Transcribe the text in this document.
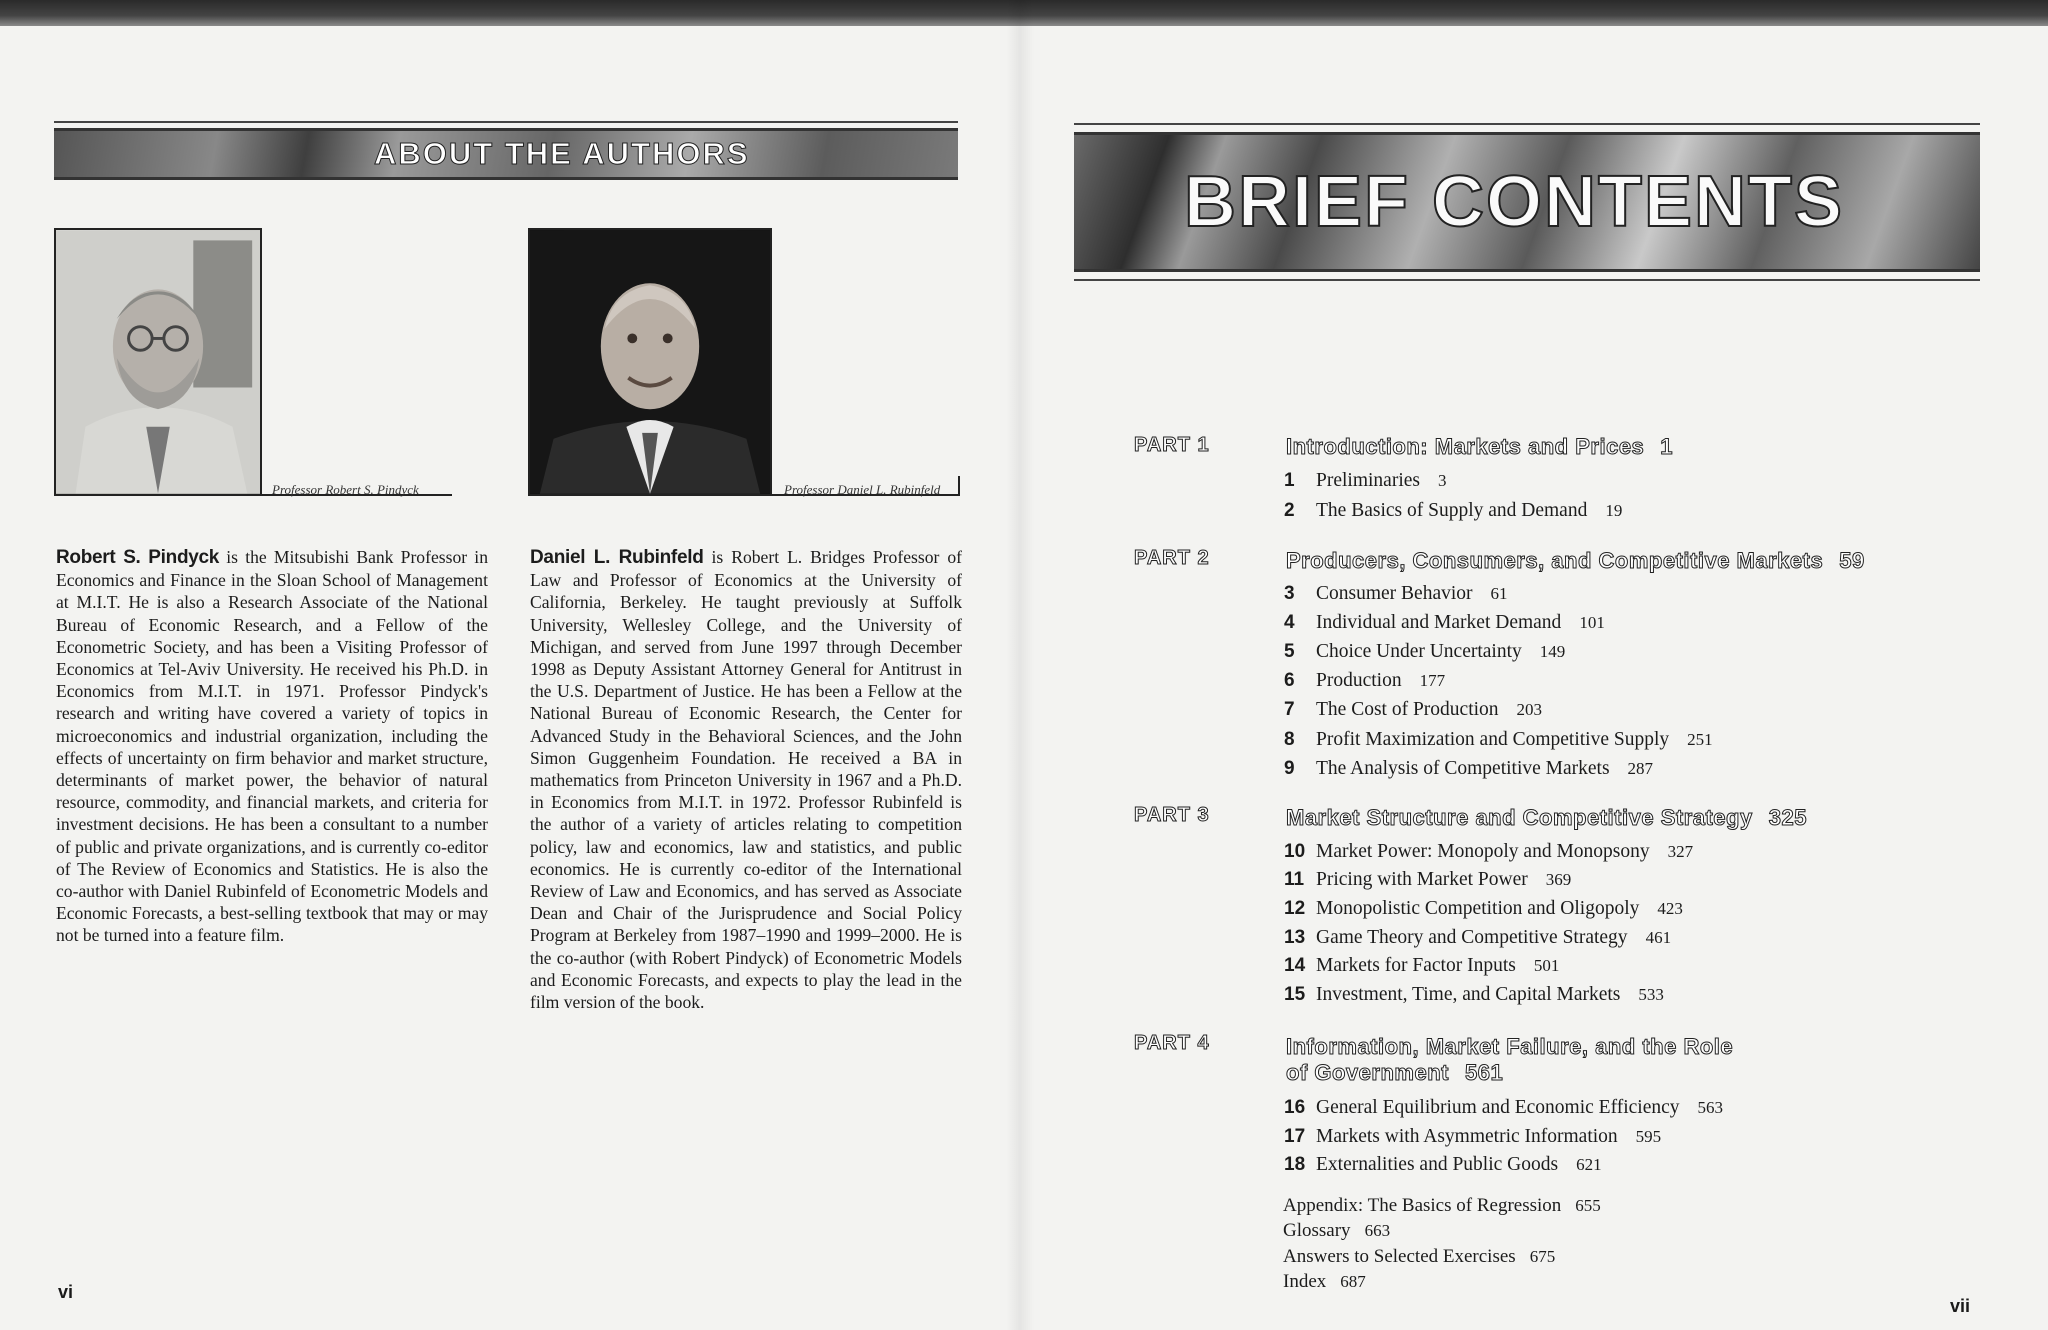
ABOUT THE AUTHORS
Professor Robert S. Pindyck	Professor Daniel L. Rubinfeld
Robert S. Pindyck is the Mitsubishi Bank Professor in Economics and Finance in the Sloan School of Management at M.I.T. He is also a Research Associate of the National Bureau of Economic Research, and a Fellow of the Econometric Society, and has been a Visiting Professor of Economics at Tel-Aviv University. He received his Ph.D. in Economics from M.I.T. in 1971. Professor Pindyck's research and writing have covered a variety of topics in microeconomics and industrial organization, including the effects of uncertainty on firm behavior and market structure, determinants of market power, the behavior of natural resource, commodity, and financial markets, and criteria for investment decisions. He has been a consultant to a number of public and private organizations, and is currently co-editor of The Review of Economics and Statistics. He is also the co-author with Daniel Rubinfeld of Econometric Models and Economic Forecasts, a best-selling textbook that may or may not be turned into a feature film.
Daniel L. Rubinfeld is Robert L. Bridges Professor of Law and Professor of Economics at the University of California, Berkeley. He taught previously at Suffolk University, Wellesley College, and the University of Michigan, and served from June 1997 through December 1998 as Deputy Assistant Attorney General for Antitrust in the U.S. Department of Justice. He has been a Fellow at the National Bureau of Economic Research, the Center for Advanced Study in the Behavioral Sciences, and the John Simon Guggenheim Foundation. He received a BA in mathematics from Princeton University in 1967 and a Ph.D. in Economics from M.I.T. in 1972. Professor Rubinfeld is the author of a variety of articles relating to competition policy, law and economics, law and statistics, and public economics. He is currently co-editor of the International Review of Law and Economics, and has served as Associate Dean and Chair of the Jurisprudence and Social Policy Program at Berkeley from 1987–1990 and 1999–2000. He is the co-author (with Robert Pindyck) of Econometric Models and Economic Forecasts, and expects to play the lead in the film version of the book.
vi
BRIEF CONTENTS
PART 1	Introduction: Markets and Prices 1
1 Preliminaries 3
2 The Basics of Supply and Demand 19
PART 2	Producers, Consumers, and Competitive Markets 59
3 Consumer Behavior 61
4 Individual and Market Demand 101
5 Choice Under Uncertainty 149
6 Production 177
7 The Cost of Production 203
8 Profit Maximization and Competitive Supply 251
9 The Analysis of Competitive Markets 287
PART 3	Market Structure and Competitive Strategy 325
10 Market Power: Monopoly and Monopsony 327
11 Pricing with Market Power 369
12 Monopolistic Competition and Oligopoly 423
13 Game Theory and Competitive Strategy 461
14 Markets for Factor Inputs 501
15 Investment, Time, and Capital Markets 533
PART 4	Information, Market Failure, and the Role
of Government 561
16 General Equilibrium and Economic Efficiency 563
17 Markets with Asymmetric Information 595
18 Externalities and Public Goods 621
Appendix: The Basics of Regression 655
Glossary 663
Answers to Selected Exercises 675
Index 687
vii
